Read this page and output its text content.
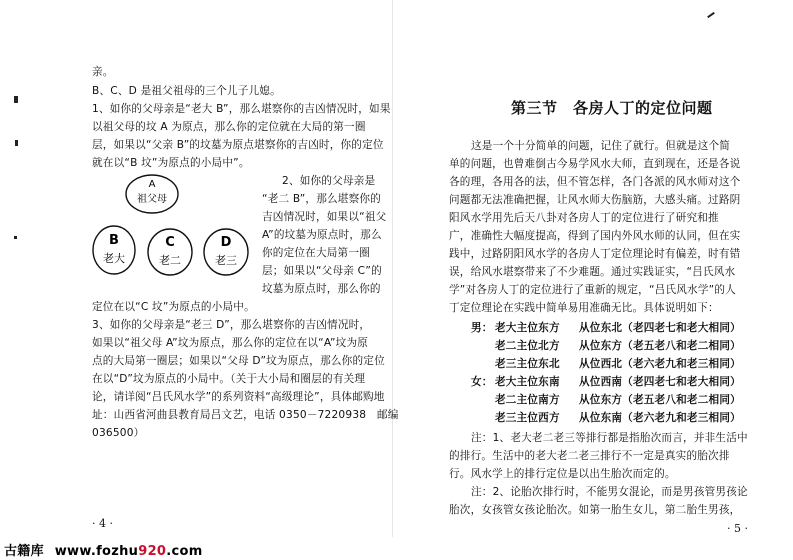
亲。
B、C、D 是祖父祖母的三个儿子儿媳。
1、如你的父母亲是“老大 B”，那么堪察你的吉凶情况时，如果
以祖父母的坟 A 为原点，那么你的定位就在大局的第一圈
层，如果以“父亲 B”的坟墓为原点堪察你的吉凶时，你的定位
就在以“B 坟”为原点的小局中”。
2、如你的父母亲是
“老二 B”，那么堪察你的
吉凶情况时，如果以“祖父
A”的坟墓为原点时，那么
你的定位在大局第一圈
层；如果以“父母亲 C”的
坟墓为原点时，那么你的
定位在以“C 坟”为原点的小局中。
3、如你的父母亲是“老三 D”，那么堪察你的吉凶情况时，
如果以“祖父母 A”坟为原点，那么你的定位在以“A”坟为原
点的大局第一圈层；如果以“父母 D”坟为原点，那么你的定位
在以“D”坟为原点的小局中。（关于大小局和圈层的有关理
论，请详阅“吕氏风水学”的系列资料“高级理论”，具体邮购地
址：山西省河曲县教育局吕文艺，电话 0350－7220938　邮编
036500）
A
祖父母
B
老大
C
老二
D
老三
· 4 ·
第三节　各房人丁的定位问题
这是一个十分简单的问题，记住了就行。但就是这个简
单的问题，也曾难倒古今易学风水大师，直到现在，还是各说
各的理，各用各的法，但不管怎样，各门各派的风水师对这个
问题都无法准确把握，让风水师大伤脑筋，大感头痛。过路阴
阳风水学用先后天八卦对各房人丁的定位进行了研究和推
广，准确性大幅度提高，得到了国内外风水师的认同，但在实
践中，过路阴阳风水学的各房人丁定位理论时有偏差，时有错
误，给风水堪察带来了不少难题。通过实践证实，“吕氏风水
学”对各房人丁的定位进行了重新的规定，“吕氏风水学”的人
丁定位理论在实践中简单易用准确无比。具体说明如下：
男： 老大主位东方 从位东北（老四老七和老大相同）
老二主位北方 从位东方（老五老八和老二相同）
老三主位东北 从位西北（老六老九和老三相同）
女： 老大主位东南 从位西南（老四老七和老大相同）
老二主位南方 从位东方（老五老八和老二相同）
老三主位西方 从位东南（老六老九和老三相同）
注：1、老大老二老三等排行都是指胎次而言，并非生活中
的排行。生活中的老大老二老三排行不一定是真实的胎次排
行。风水学上的排行定位是以出生胎次而定的。
注：2、论胎次排行时，不能男女混论，而是男孩管男孩论
胎次，女孩管女孩论胎次。如第一胎生女儿，第二胎生男孩，
· 5 ·
古籍库 www.fozhu920.com
